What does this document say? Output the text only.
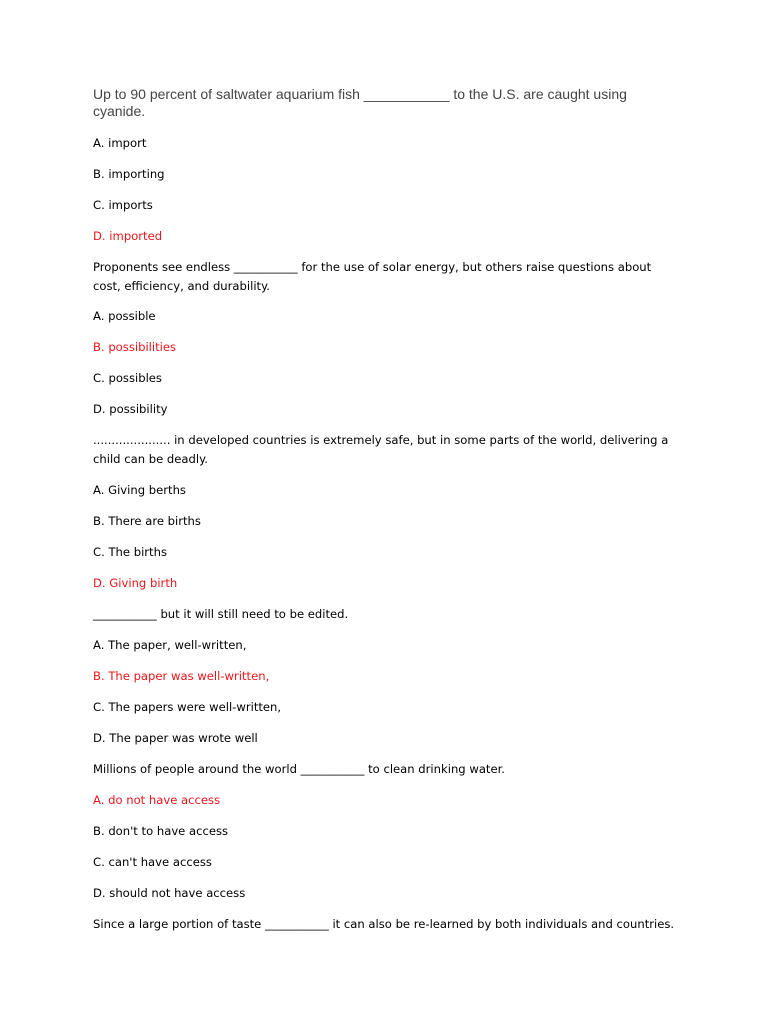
Up to 90 percent of saltwater aquarium fish ___________ to the U.S. are caught using cyanide.

A. import

B. importing

C. imports

D. imported

Proponents see endless ___________ for the use of solar energy, but others raise questions about cost, efficiency, and durability.

A. possible

B. possibilities

C. possibles

D. possibility

..................... in developed countries is extremely safe, but in some parts of the world, delivering a child can be deadly.

A. Giving berths

B. There are births

C. The births

D. Giving birth

___________ but it will still need to be edited.

A. The paper, well-written,

B. The paper was well-written,

C. The papers were well-written,

D. The paper was wrote well

Millions of people around the world ___________ to clean drinking water.

A. do not have access

B. don't to have access

C. can't have access

D. should not have access

Since a large portion of taste ___________ it can also be re-learned by both individuals and countries.
